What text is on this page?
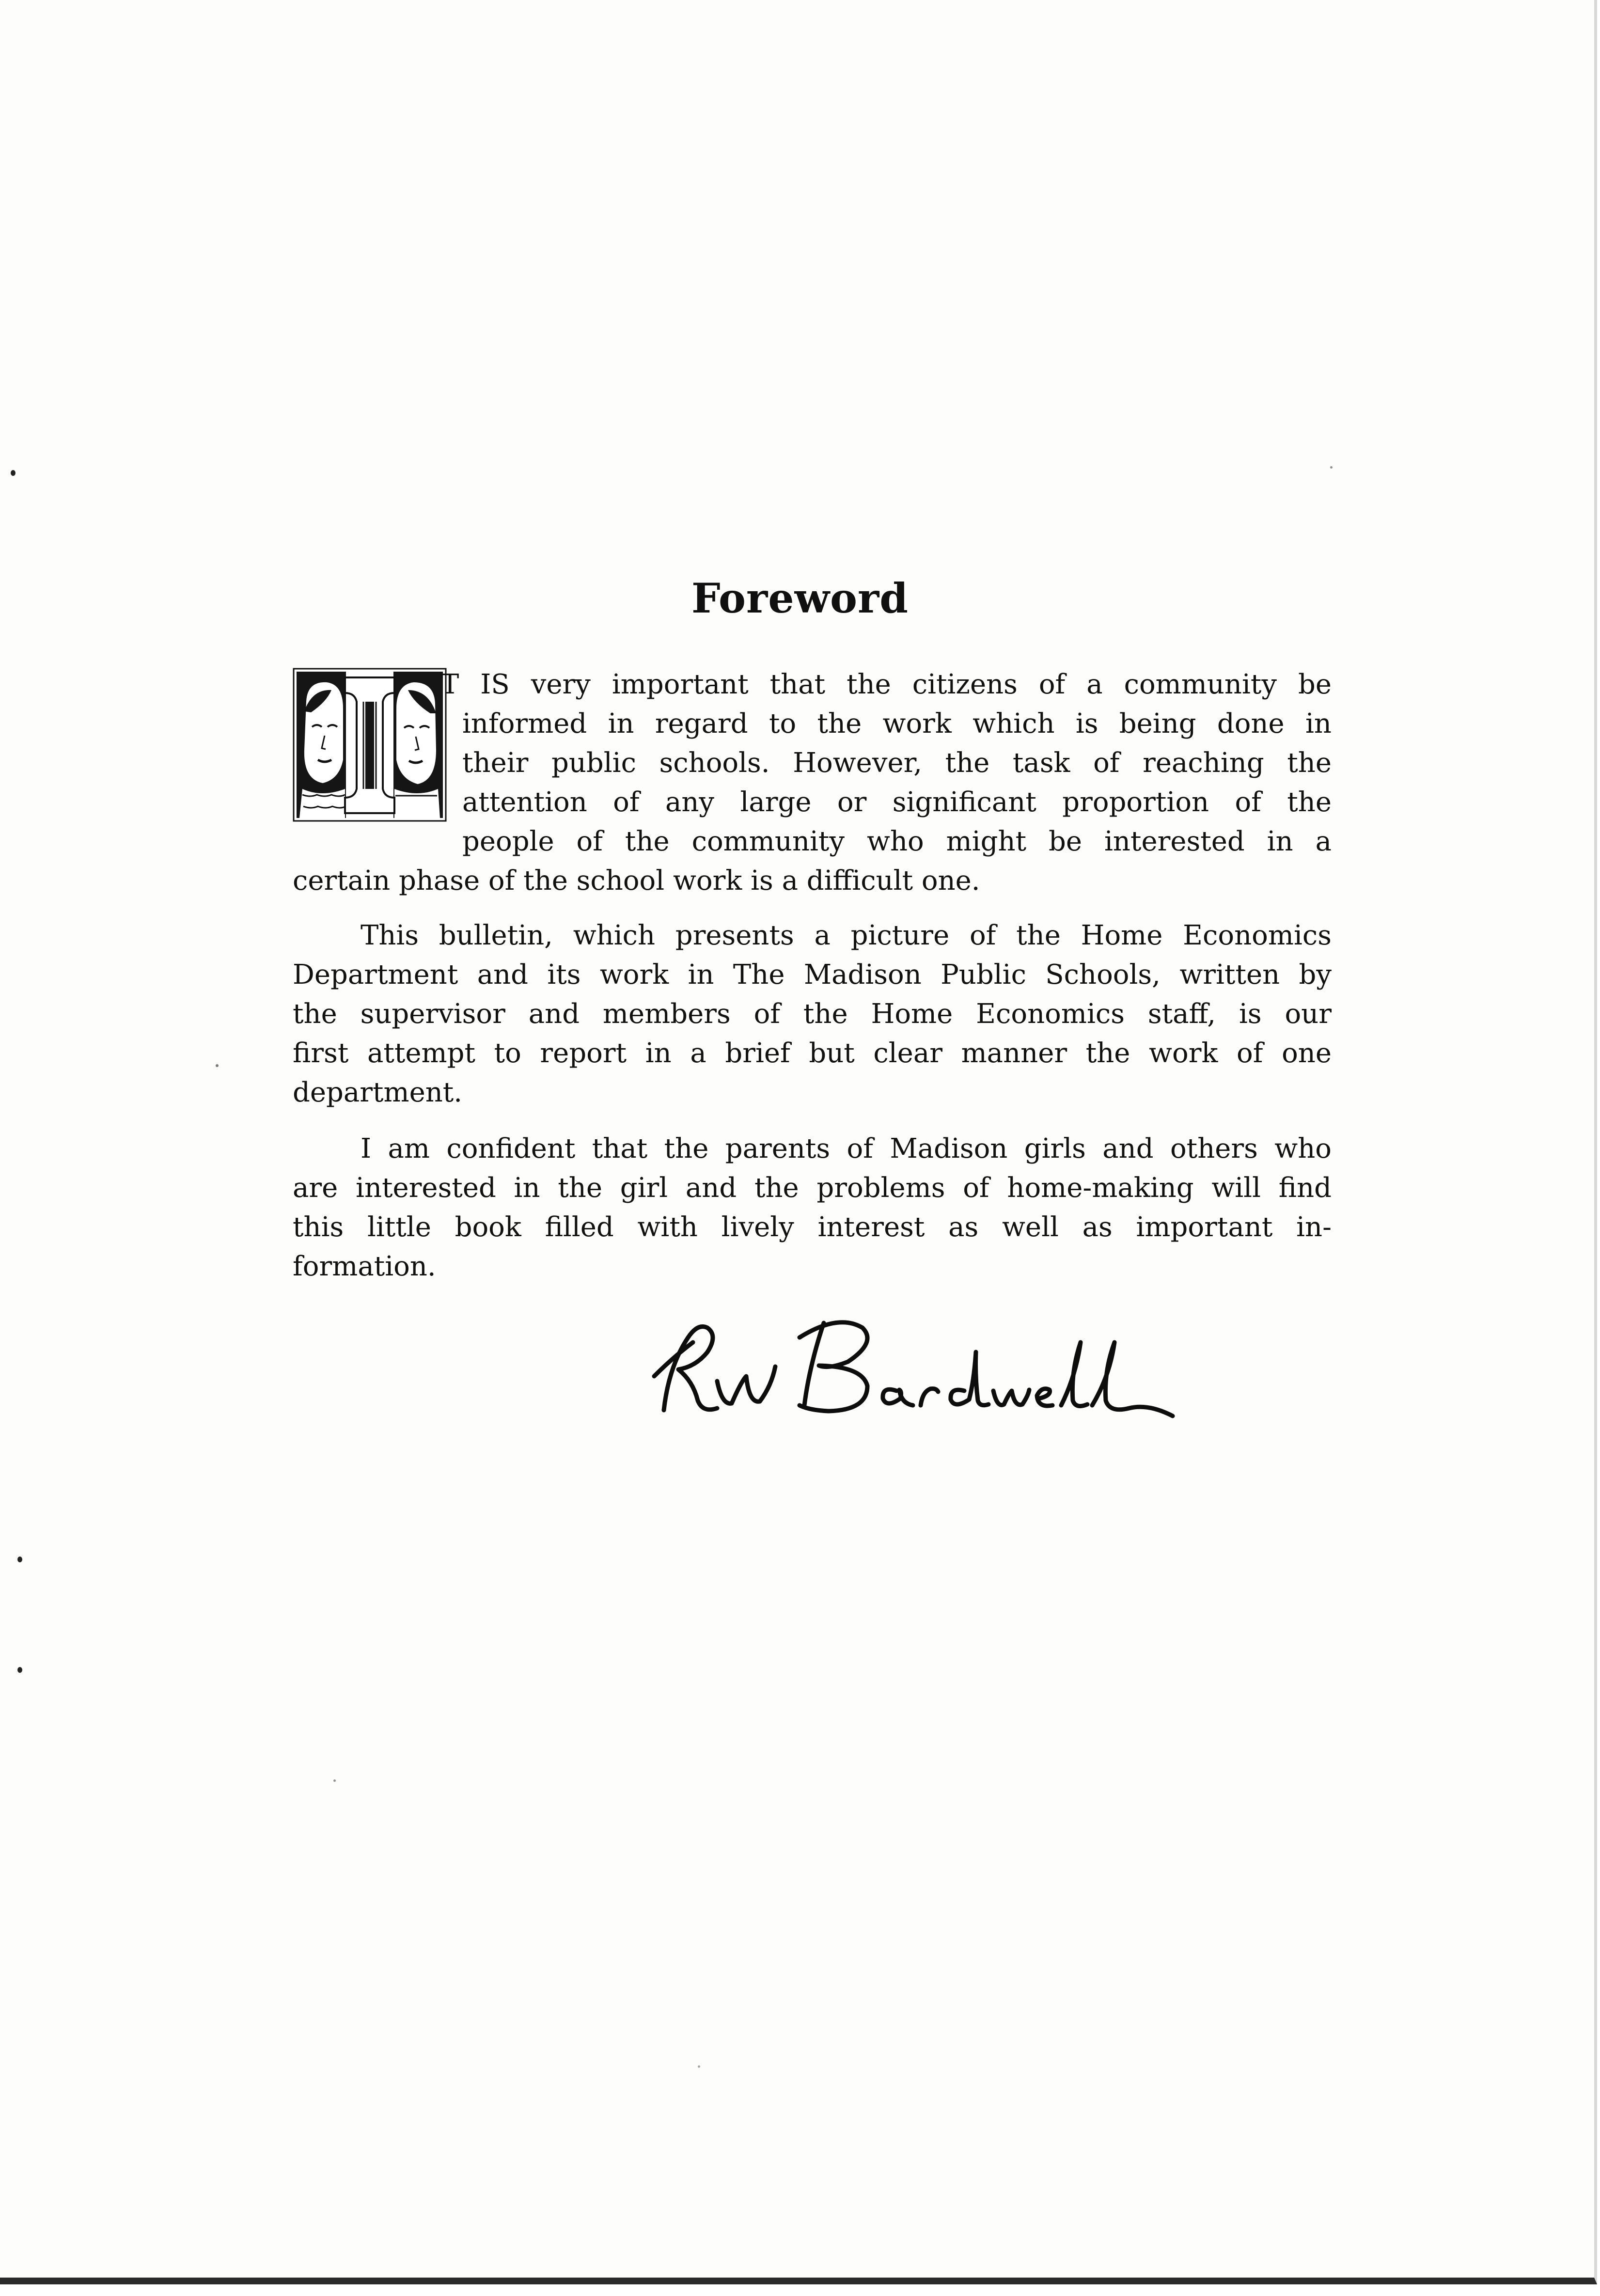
Foreword
T IS very important that the citizens of a community be
informed in regard to the work which is being done in
their public schools. However, the task of reaching the
attention of any large or significant proportion of the
people of the community who might be interested in a
certain phase of the school work is a difficult one.
This bulletin, which presents a picture of the Home Economics
Department and its work in The Madison Public Schools, written by
the supervisor and members of the Home Economics staff, is our
first attempt to report in a brief but clear manner the work of one
department.
I am confident that the parents of Madison girls and others who
are interested in the girl and the problems of home-making will find
this little book filled with lively interest as well as important in-
formation.
